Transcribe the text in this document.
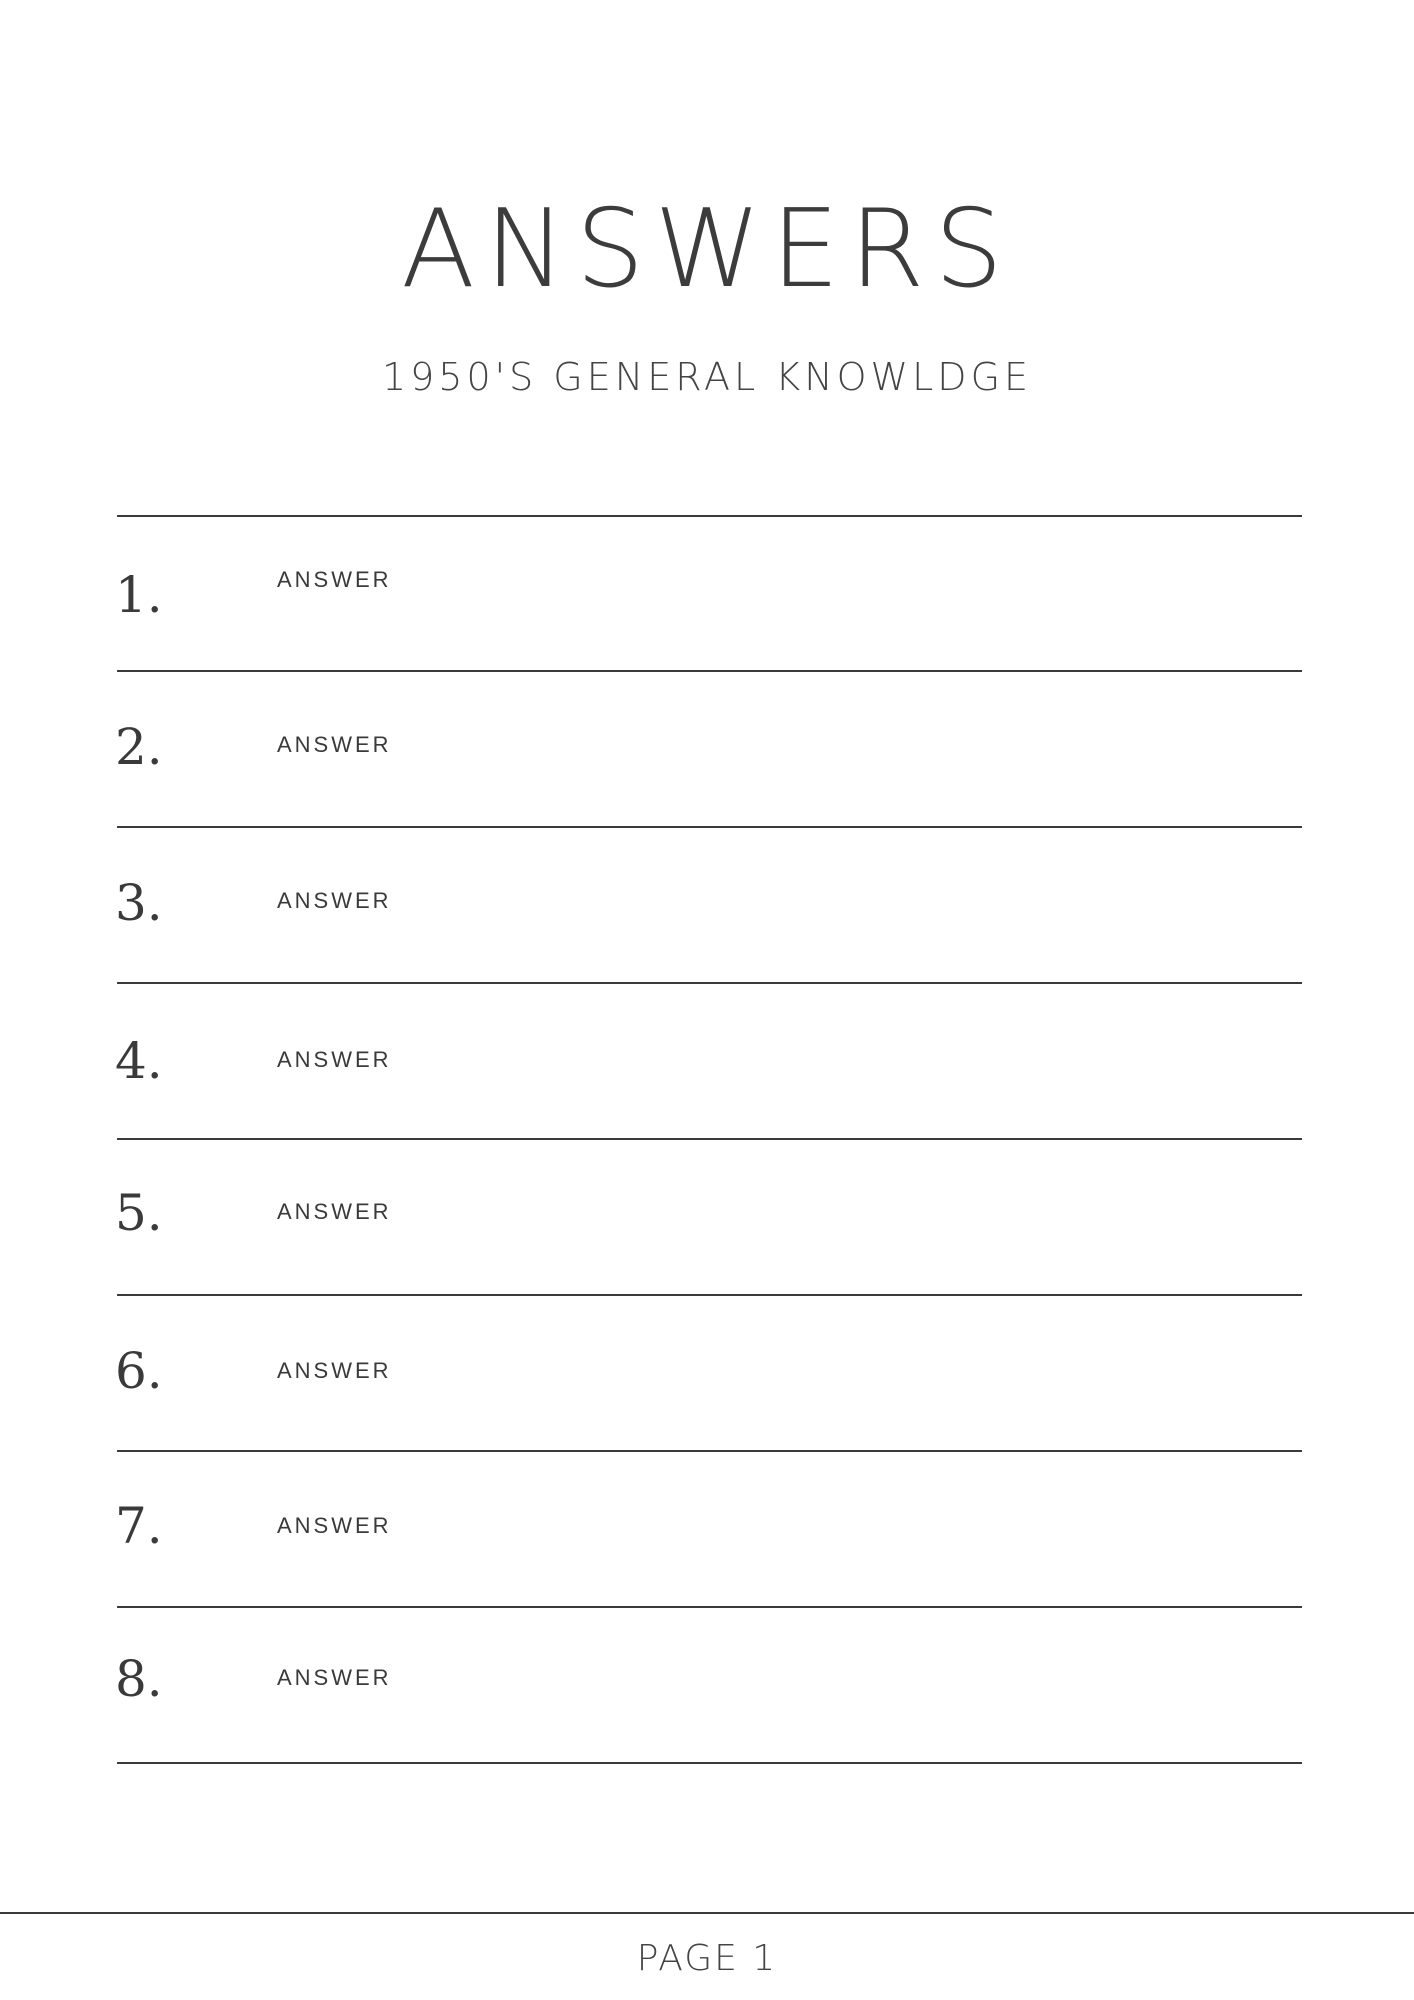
ANSWERS
1950'S GENERAL KNOWLDGE
1.	ANSWER
2.	ANSWER
3.	ANSWER
4.	ANSWER
5.	ANSWER
6.	ANSWER
7.	ANSWER
8.	ANSWER
PAGE 1
